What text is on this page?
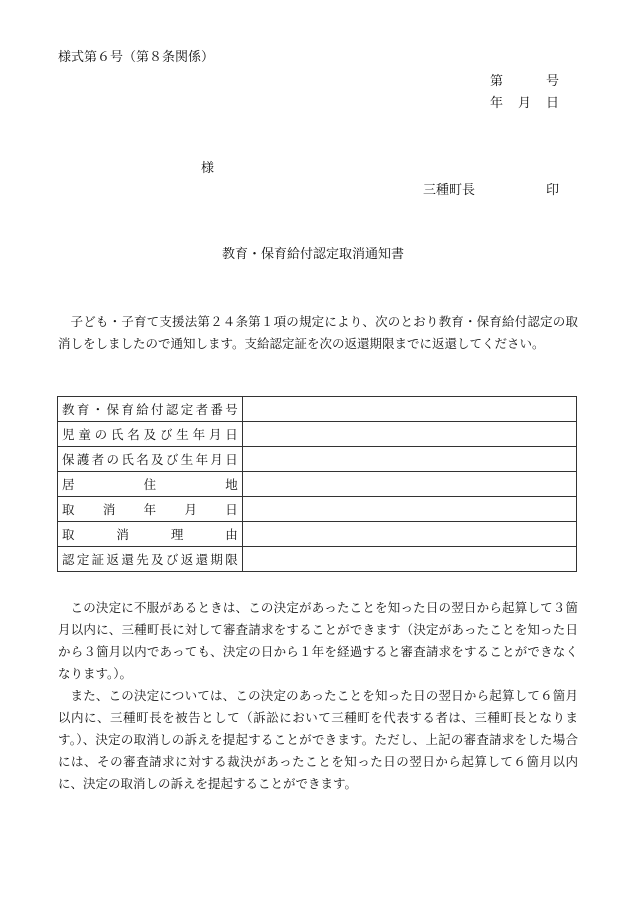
様式第６号（第８条関係）
第	号
年 月 日
様
三種町長	印
教育・保育給付認定取消通知書
子ども・子育て支援法第２４条第１項の規定により、次のとおり教育・保育給付認定の取消しをしましたので通知します。支給認定証を次の返還期限までに返還してください。
教育・保育給付認定者番号	
児童の氏名及び生年月日	
保護者の氏名及び生年月日	
居住地	
取消年月日	
取消理由	
認定証返還先及び返還期限	
この決定に不服があるときは、この決定があったことを知った日の翌日から起算して３箇月以内に、三種町長に対して審査請求をすることができます（決定があったことを知った日から３箇月以内であっても、決定の日から１年を経過すると審査請求をすることができなくなります。）。
また、この決定については、この決定のあったことを知った日の翌日から起算して６箇月以内に、三種町長を被告として（訴訟において三種町を代表する者は、三種町長となります。）、決定の取消しの訴えを提起することができます。ただし、上記の審査請求をした場合には、その審査請求に対する裁決があったことを知った日の翌日から起算して６箇月以内に、決定の取消しの訴えを提起することができます。
